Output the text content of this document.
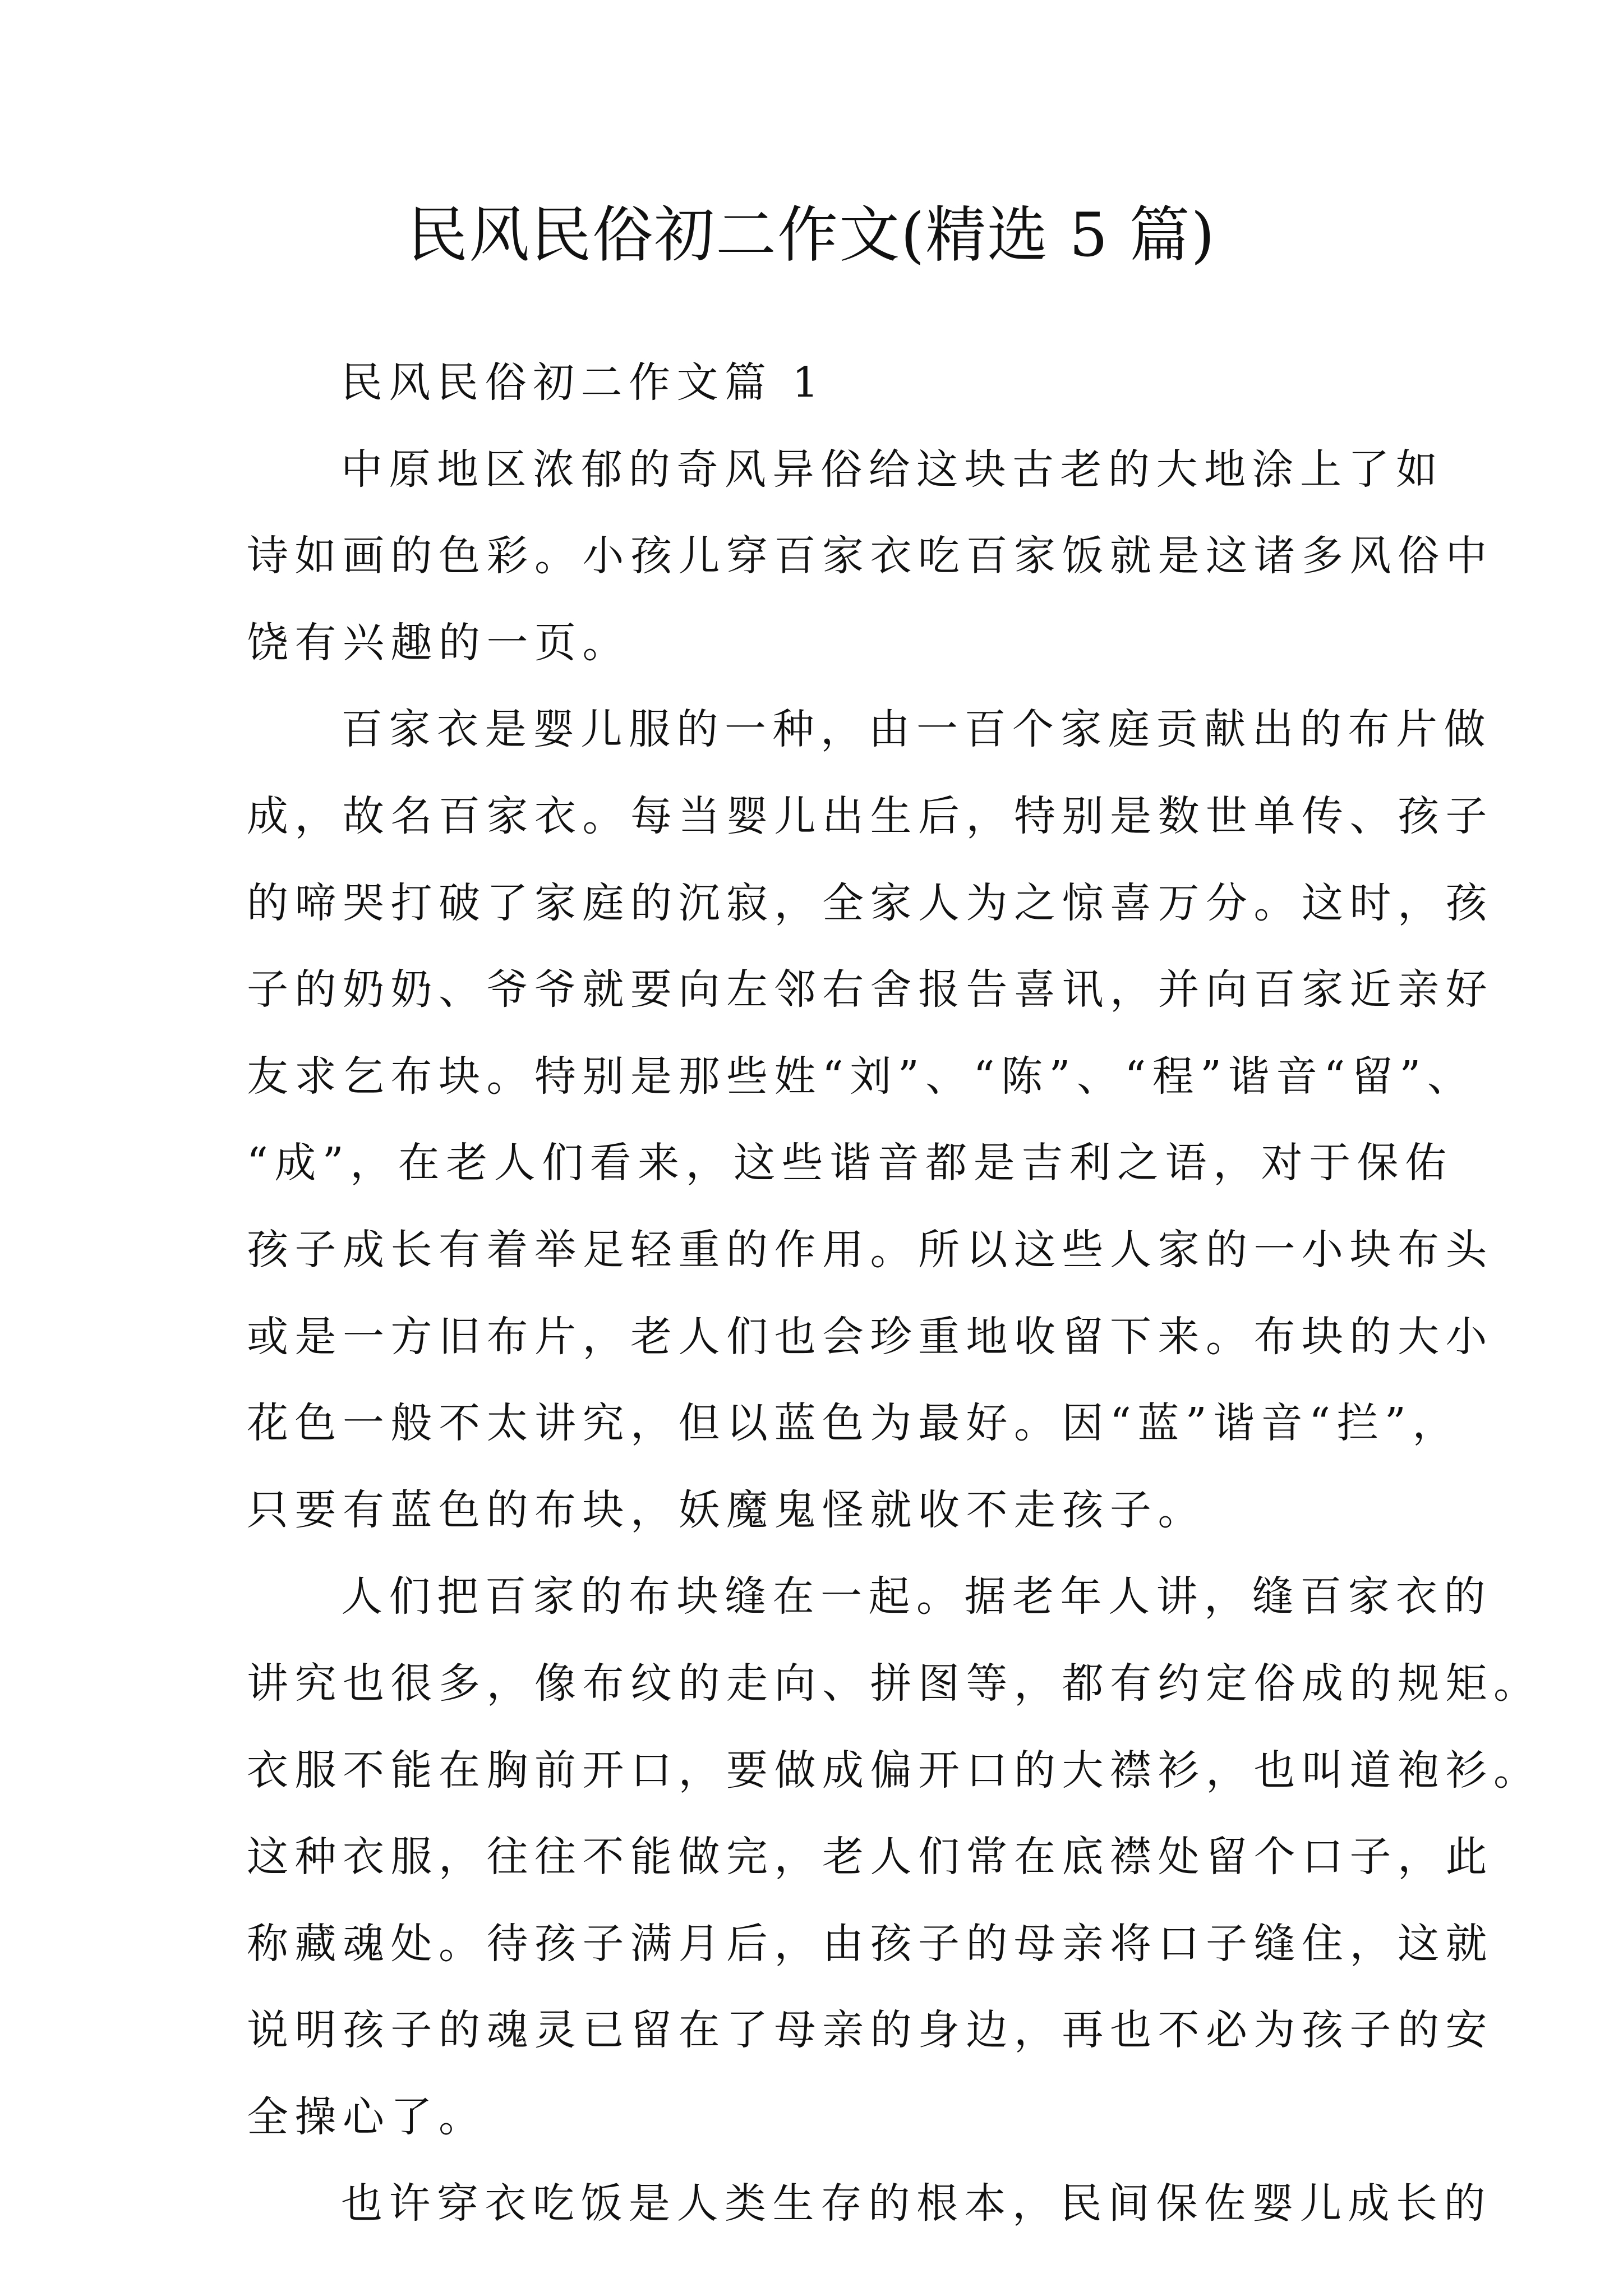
民风民俗初二作文(精选 5 篇)
民风民俗初二作文篇 1
中原地区浓郁的奇风异俗给这块古老的大地涂上了如
诗如画的色彩。小孩儿穿百家衣吃百家饭就是这诸多风俗中
饶有兴趣的一页。
百家衣是婴儿服的一种，由一百个家庭贡献出的布片做
成，故名百家衣。每当婴儿出生后，特别是数世单传、孩子
的啼哭打破了家庭的沉寂，全家人为之惊喜万分。这时，孩
子的奶奶、爷爷就要向左邻右舍报告喜讯，并向百家近亲好
友求乞布块。特别是那些姓“刘”、“陈”、“程”谐音“留”、
“成”，在老人们看来，这些谐音都是吉利之语，对于保佑
孩子成长有着举足轻重的作用。所以这些人家的一小块布头
或是一方旧布片，老人们也会珍重地收留下来。布块的大小
花色一般不太讲究，但以蓝色为最好。因“蓝”谐音“拦”，
只要有蓝色的布块，妖魔鬼怪就收不走孩子。
人们把百家的布块缝在一起。据老年人讲，缝百家衣的
讲究也很多，像布纹的走向、拼图等，都有约定俗成的规矩。
衣服不能在胸前开口，要做成偏开口的大襟衫，也叫道袍衫。
这种衣服，往往不能做完，老人们常在底襟处留个口子，此
称藏魂处。待孩子满月后，由孩子的母亲将口子缝住，这就
说明孩子的魂灵已留在了母亲的身边，再也不必为孩子的安
全操心了。
也许穿衣吃饭是人类生存的根本，民间保佐婴儿成长的
